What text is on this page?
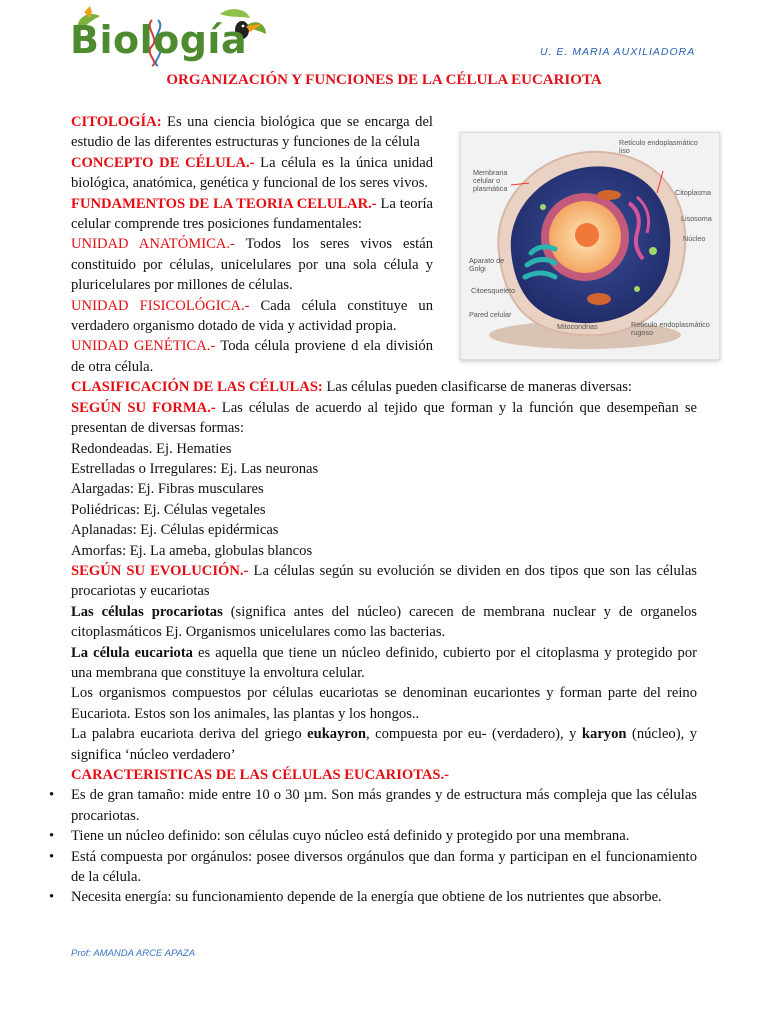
Biología	U. E. MARIA AUXILIADORA
ORGANIZACIÓN Y FUNCIONES DE LA CÉLULA EUCARIOTA
Retículo endoplasmático liso
Membrana celular o plasmática	Citoplasma
Lisosoma
Núcleo
Aparato de Golgi
Citoesqueleto
Pared celular
Mitocondrias	Retículo endoplasmático rugoso

CITOLOGÍA: Es una ciencia biológica que se encarga del estudio de las diferentes estructuras y funciones de la célula

CONCEPTO DE CÉLULA.- La célula es la única unidad biológica, anatómica, genética y funcional de los seres vivos.

FUNDAMENTOS DE LA TEORIA CELULAR.- La teoría celular comprende tres posiciones fundamentales:

UNIDAD ANATÓMICA.- Todos los seres vivos están constituido por células, unicelulares por una sola célula y pluricelulares por millones de células.

UNIDAD FISICOLÓGICA.- Cada célula constituye un verdadero organismo dotado de vida y actividad propia.

UNIDAD GENÉTICA.- Toda célula proviene d ela división de otra célula.

CLASIFICACIÓN DE LAS CÉLULAS: Las células pueden clasificarse de maneras diversas:

SEGÚN SU FORMA.- Las células de acuerdo al tejido que forman y la función que desempeñan se presentan de diversas formas:

Redondeadas. Ej. Hematies

Estrelladas o Irregulares: Ej. Las neuronas

Alargadas: Ej. Fibras musculares

Poliédricas: Ej. Células vegetales

Aplanadas: Ej. Células epidérmicas

Amorfas: Ej. La ameba, globulas blancos

SEGÚN SU EVOLUCIÓN.- La células según su evolución se dividen en dos tipos que son las células procariotas y eucariotas

Las células procariotas (significa antes del núcleo) carecen de membrana nuclear y de organelos citoplasmáticos Ej. Organismos unicelulares como las bacterias.

La célula eucariota es aquella que tiene un núcleo definido, cubierto por el citoplasma y protegido por una membrana que constituye la envoltura celular.

Los organismos compuestos por células eucariotas se denominan eucariontes y forman parte del reino Eucariota. Estos son los animales, las plantas y los hongos..

La palabra eucariota deriva del griego eukayron, compuesta por eu- (verdadero), y karyon (núcleo), y significa ‘núcleo verdadero’

CARACTERISTICAS DE LAS CÉLULAS EUCARIOTAS.-

• Es de gran tamaño: mide entre 10 o 30 µm. Son más grandes y de estructura más compleja que las células procariotas.
• Tiene un núcleo definido: son células cuyo núcleo está definido y protegido por una membrana.
• Está compuesta por orgánulos: posee diversos orgánulos que dan forma y participan en el funcionamiento de la célula.
• Necesita energía: su funcionamiento depende de la energía que obtiene de los nutrientes que absorbe.
Prof: AMANDA ARCE APAZA
